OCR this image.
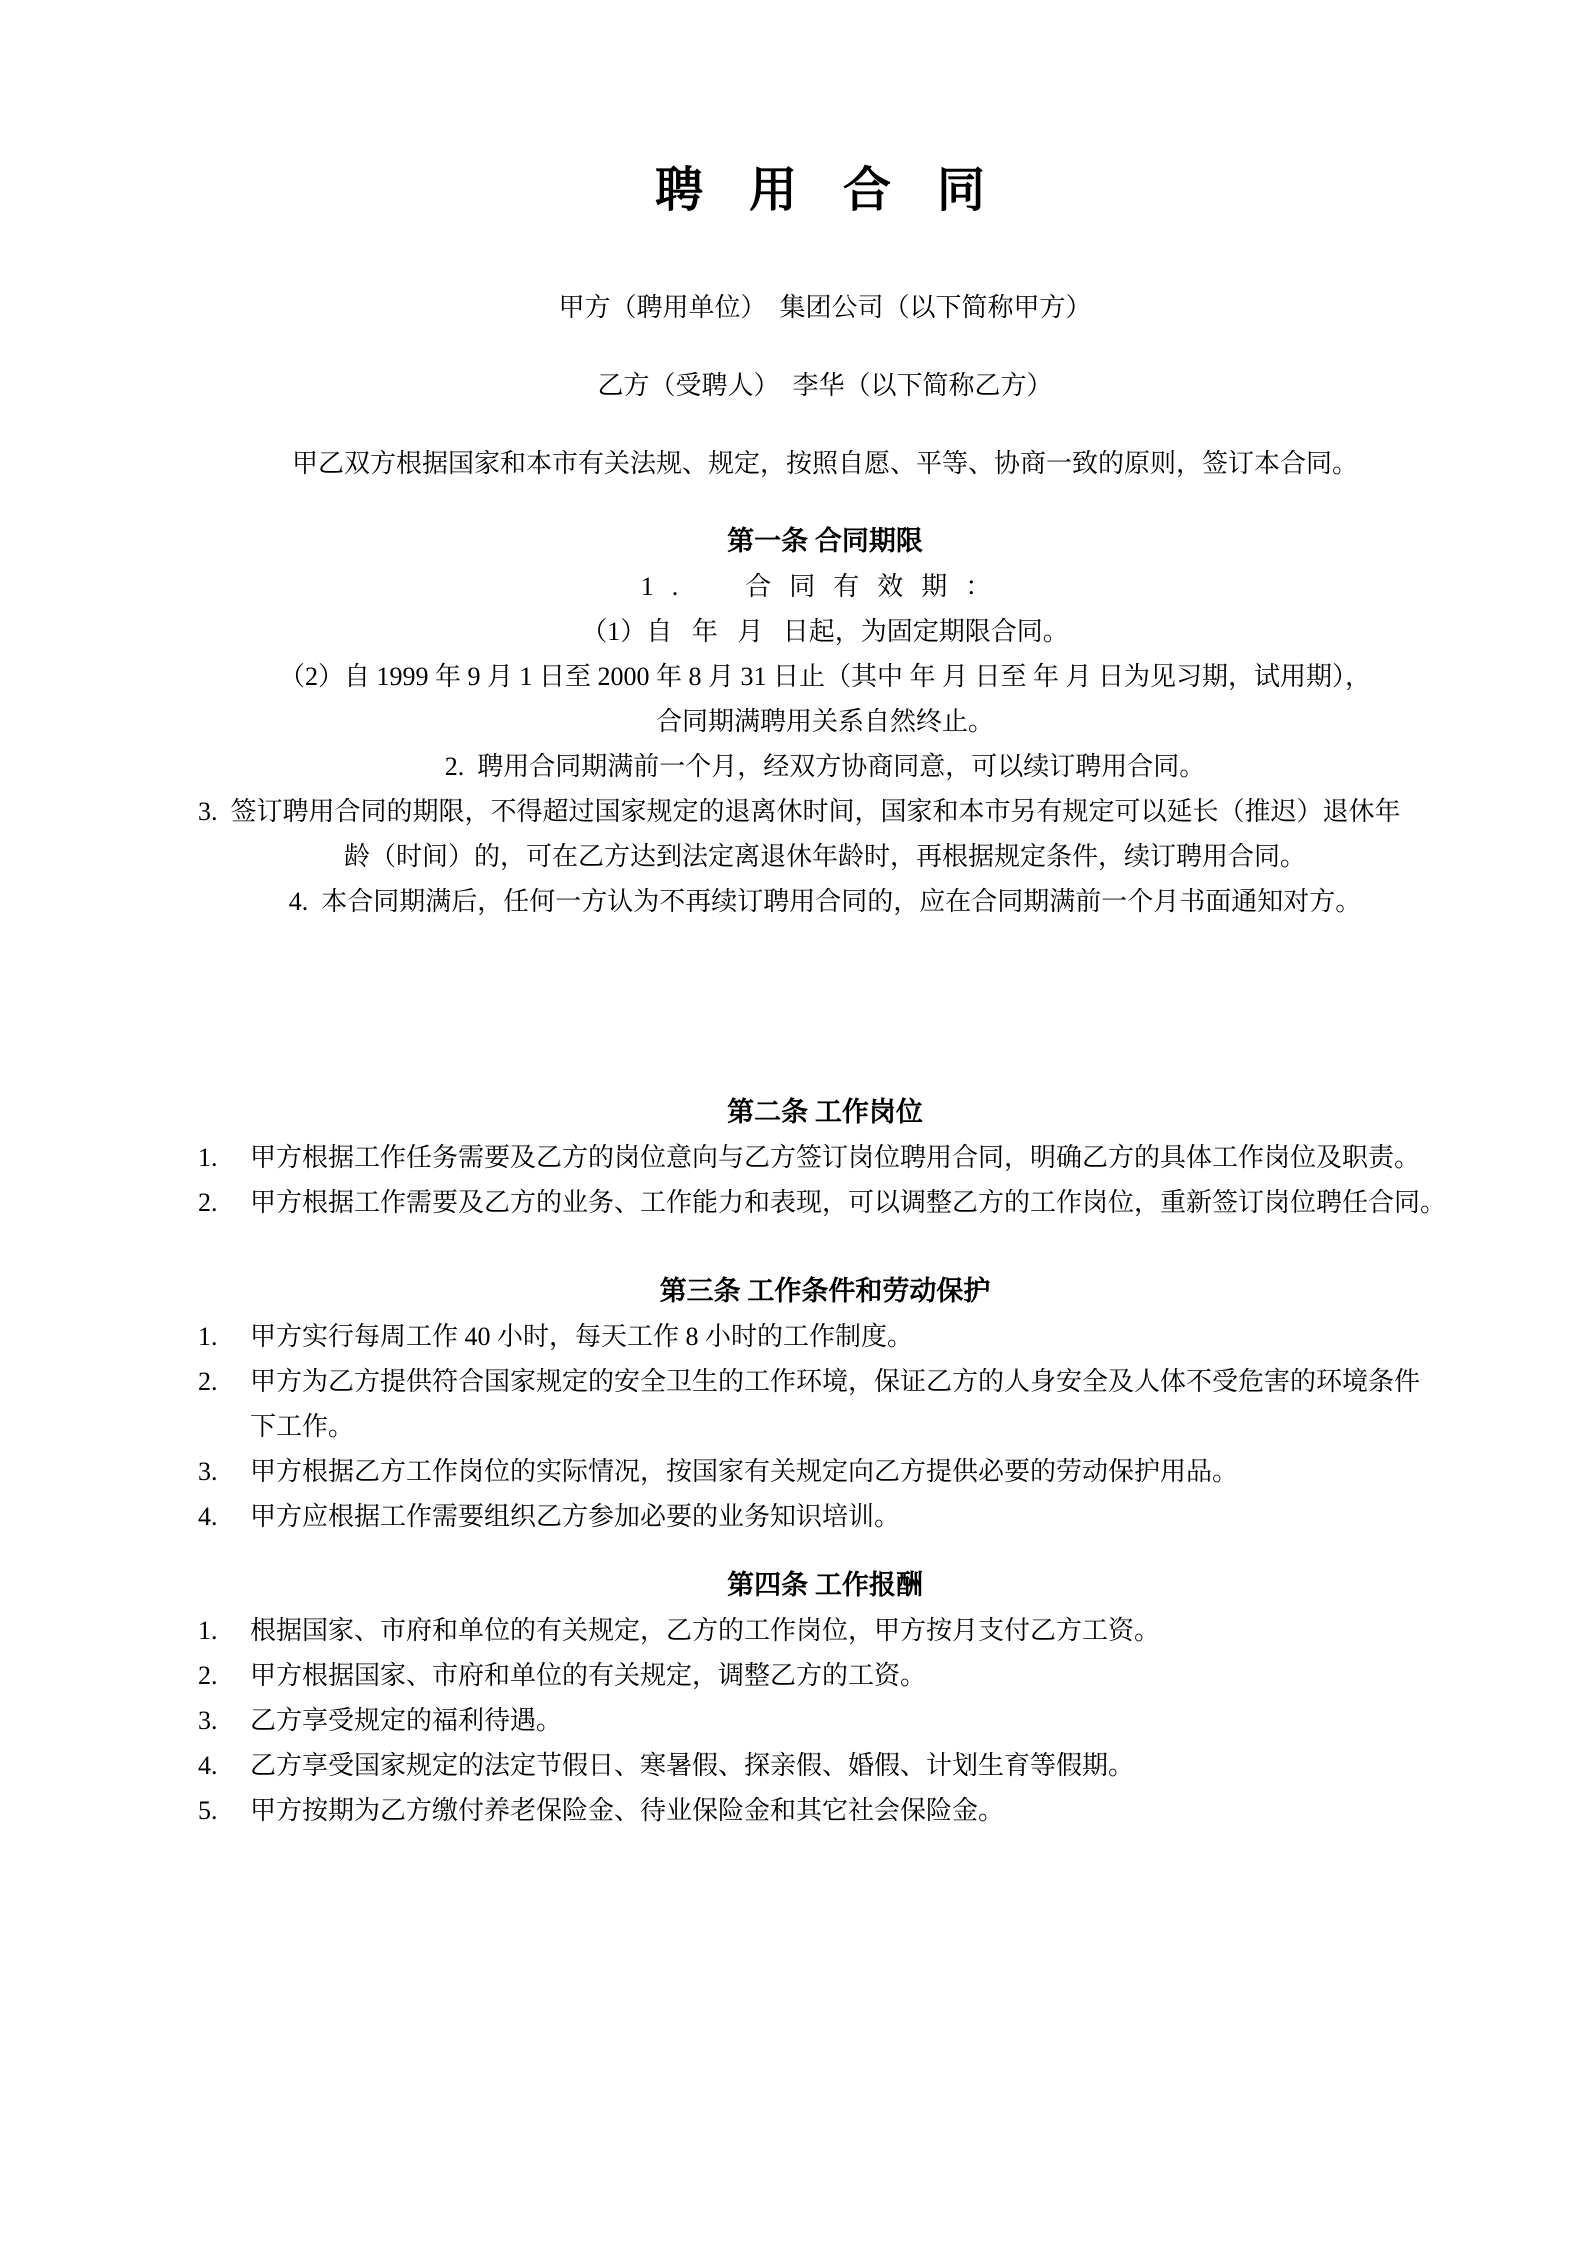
聘 用 合 同
甲方（聘用单位）  集团公司（以下简称甲方）
乙方（受聘人）  李华（以下简称乙方）
甲乙双方根据国家和本市有关法规、规定，按照自愿、平等、协商一致的原则，签订本合同。
第一条 合同期限
1.  合同有效期：
（1）自   年   月   日起，为固定期限合同。
（2）自 1999 年 9 月 1 日至 2000 年 8 月 31 日止（其中 年 月 日至 年 月 日为见习期，试用期），
合同期满聘用关系自然终止。
2.  聘用合同期满前一个月，经双方协商同意，可以续订聘用合同。
3.  签订聘用合同的期限，不得超过国家规定的退离休时间，国家和本市另有规定可以延长（推迟）退休年
龄（时间）的，可在乙方达到法定离退休年龄时，再根据规定条件，续订聘用合同。
4.  本合同期满后，任何一方认为不再续订聘用合同的，应在合同期满前一个月书面通知对方。
第二条 工作岗位
1.	甲方根据工作任务需要及乙方的岗位意向与乙方签订岗位聘用合同，明确乙方的具体工作岗位及职责。
2.	甲方根据工作需要及乙方的业务、工作能力和表现，可以调整乙方的工作岗位，重新签订岗位聘任合同。
第三条 工作条件和劳动保护
1.	甲方实行每周工作 40 小时，每天工作 8 小时的工作制度。
2.	甲方为乙方提供符合国家规定的安全卫生的工作环境，保证乙方的人身安全及人体不受危害的环境条件
下工作。
3.	甲方根据乙方工作岗位的实际情况，按国家有关规定向乙方提供必要的劳动保护用品。
4.	甲方应根据工作需要组织乙方参加必要的业务知识培训。
第四条 工作报酬
1.	根据国家、市府和单位的有关规定，乙方的工作岗位，甲方按月支付乙方工资。
2.	甲方根据国家、市府和单位的有关规定，调整乙方的工资。
3.	乙方享受规定的福利待遇。
4.	乙方享受国家规定的法定节假日、寒暑假、探亲假、婚假、计划生育等假期。
5.	甲方按期为乙方缴付养老保险金、待业保险金和其它社会保险金。
